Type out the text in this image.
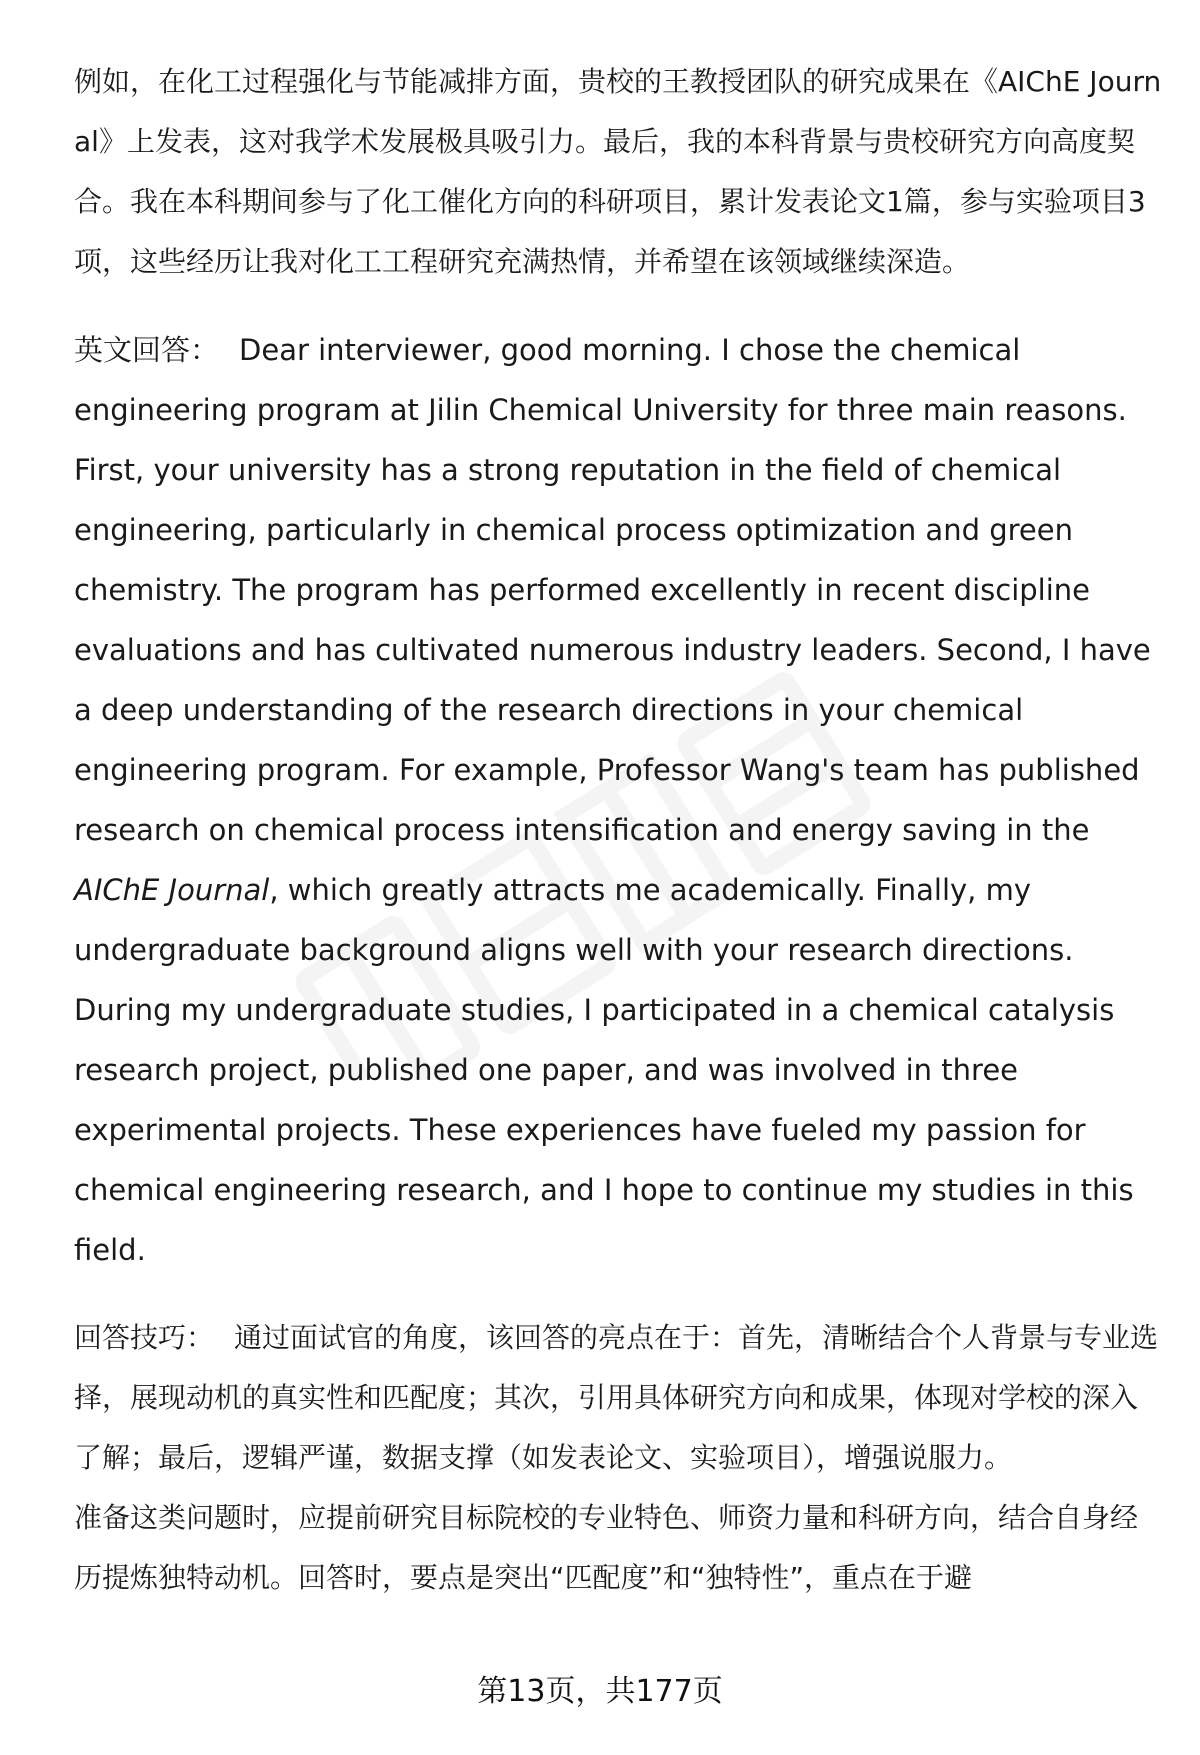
例如，在化工过程强化与节能减排方面，贵校的王教授团队的研究成果在《AIChE Journal》上发表，这对我学术发展极具吸引力。最后，我的本科背景与贵校研究方向高度契合。我在本科期间参与了化工催化方向的科研项目，累计发表论文1篇，参与实验项目3项，这些经历让我对化工工程研究充满热情，并希望在该领域继续深造。

英文回答： Dear interviewer, good morning. I chose the chemical engineering program at Jilin Chemical University for three main reasons. First, your university has a strong reputation in the field of chemical engineering, particularly in chemical process optimization and green chemistry. The program has performed excellently in recent discipline evaluations and has cultivated numerous industry leaders. Second, I have a deep understanding of the research directions in your chemical engineering program. For example, Professor Wang's team has published research on chemical process intensification and energy saving in the AIChE Journal, which greatly attracts me academically. Finally, my undergraduate background aligns well with your research directions. During my undergraduate studies, I participated in a chemical catalysis research project, published one paper, and was involved in three experimental projects. These experiences have fueled my passion for chemical engineering research, and I hope to continue my studies in this field.

回答技巧： 通过面试官的角度，该回答的亮点在于：首先，清晰结合个人背景与专业选择，展现动机的真实性和匹配度；其次，引用具体研究方向和成果，体现对学校的深入了解；最后，逻辑严谨，数据支撑（如发表论文、实验项目），增强说服力。

准备这类问题时，应提前研究目标院校的专业特色、师资力量和科研方向，结合自身经历提炼独特动机。回答时，要点是突出“匹配度”和“独特性”，重点在于避

第13页，共177页
